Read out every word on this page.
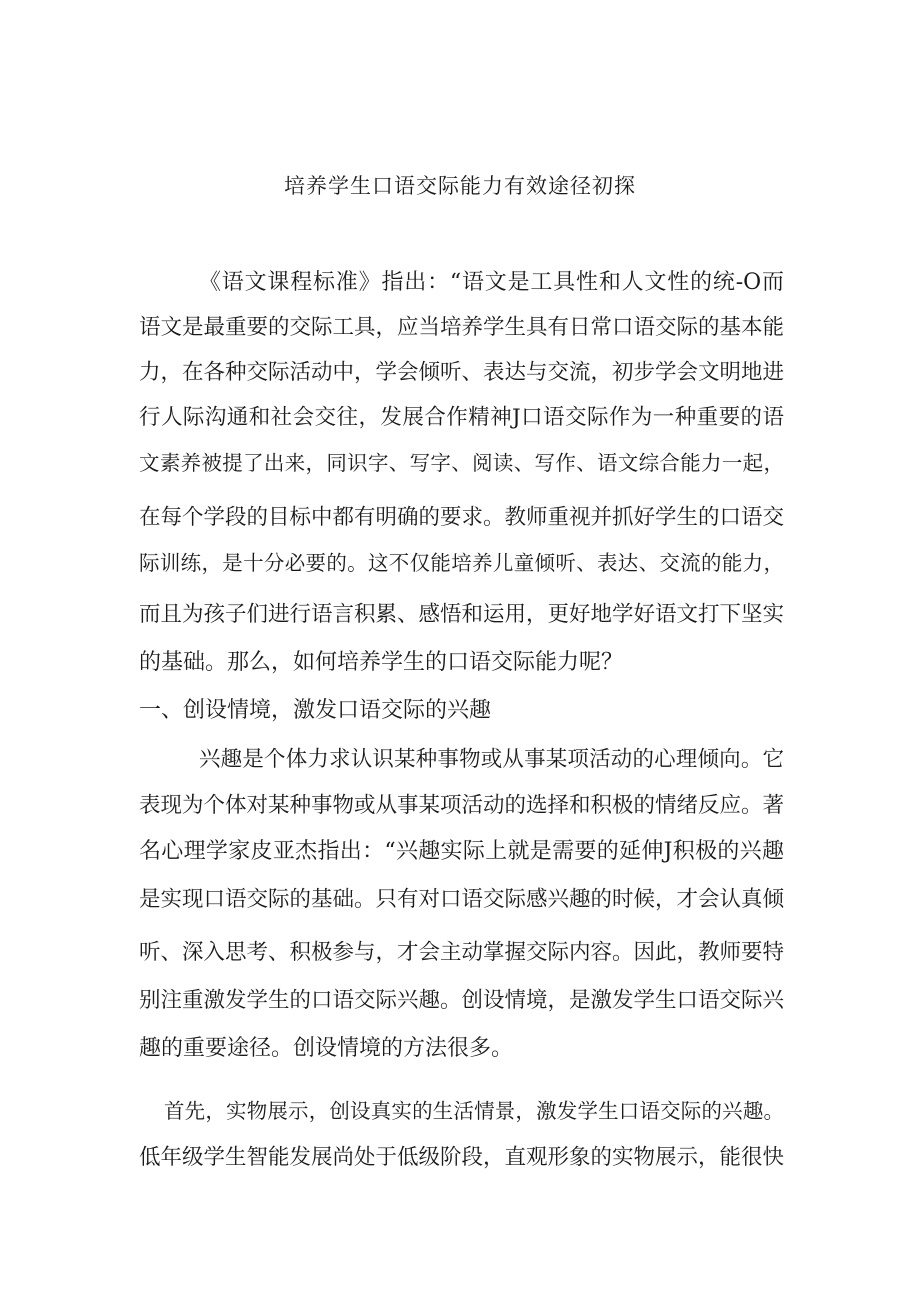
培养学生口语交际能力有效途径初探
《语文课程标准》指出：“语文是工具性和人文性的统-O而
语文是最重要的交际工具，应当培养学生具有日常口语交际的基本能
力，在各种交际活动中，学会倾听、表达与交流，初步学会文明地进
行人际沟通和社会交往，发展合作精神J口语交际作为一种重要的语
文素养被提了出来，同识字、写字、阅读、写作、语文综合能力一起，
在每个学段的目标中都有明确的要求。教师重视并抓好学生的口语交
际训练，是十分必要的。这不仅能培养儿童倾听、表达、交流的能力，
而且为孩子们进行语言积累、感悟和运用，更好地学好语文打下坚实
的基础。那么，如何培养学生的口语交际能力呢？
一、创设情境，激发口语交际的兴趣
兴趣是个体力求认识某种事物或从事某项活动的心理倾向。它
表现为个体对某种事物或从事某项活动的选择和积极的情绪反应。著
名心理学家皮亚杰指出：“兴趣实际上就是需要的延伸J积极的兴趣
是实现口语交际的基础。只有对口语交际感兴趣的时候，才会认真倾
听、深入思考、积极参与，才会主动掌握交际内容。因此，教师要特
别注重激发学生的口语交际兴趣。创设情境，是激发学生口语交际兴
趣的重要途径。创设情境的方法很多。
首先，实物展示，创设真实的生活情景，激发学生口语交际的兴趣。
低年级学生智能发展尚处于低级阶段，直观形象的实物展示，能很快
